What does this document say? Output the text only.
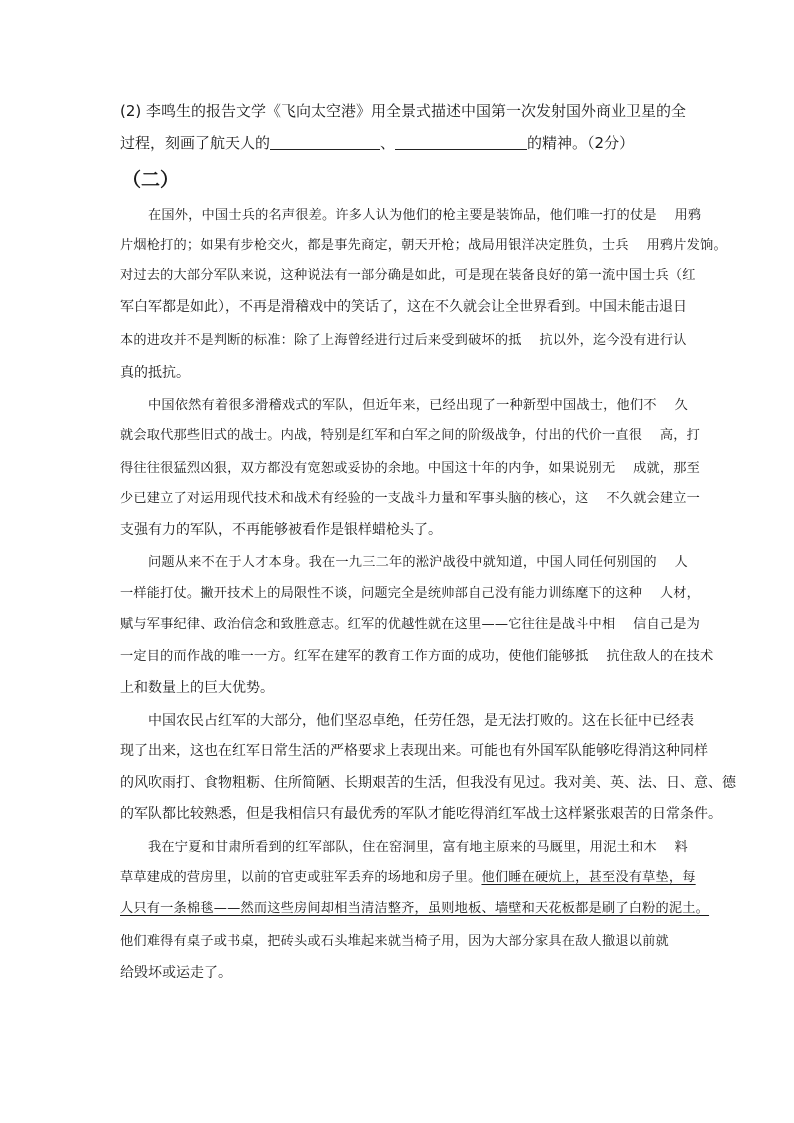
(2) 李鸣生的报告文学《飞向太空港》用全景式描述中国第一次发射国外商业卫星的全
过程，刻画了航天人的	、	的精神。（2分）
（二）
在国外，中国士兵的名声很差。许多人认为他们的枪主要是装饰品，他们唯一打的仗是　 用鸦
片烟枪打的；如果有步枪交火，都是事先商定，朝天开枪；战局用银洋决定胜负，士兵　 用鸦片发饷。
对过去的大部分军队来说，这种说法有一部分确是如此，可是现在装备良好的第一流中国士兵（红
军白军都是如此），不再是滑稽戏中的笑话了，这在不久就会让全世界看到。中国未能击退日
本的进攻并不是判断的标准：除了上海曾经进行过后来受到破坏的抵　 抗以外，迄今没有进行认
真的抵抗。
中国依然有着很多滑稽戏式的军队，但近年来，已经出现了一种新型中国战士，他们不　 久
就会取代那些旧式的战士。内战，特别是红军和白军之间的阶级战争，付出的代价一直很　 高，打
得往往很猛烈凶狠，双方都没有宽恕或妥协的余地。中国这十年的内争，如果说别无　 成就，那至
少已建立了对运用现代技术和战术有经验的一支战斗力量和军事头脑的核心，这　 不久就会建立一
支强有力的军队，不再能够被看作是银样蜡枪头了。
问题从来不在于人才本身。我在一九三二年的淞沪战役中就知道，中国人同任何别国的　 人
一样能打仗。撇开技术上的局限性不谈，问题完全是统帅部自己没有能力训练麾下的这种　 人材，
赋与军事纪律、政治信念和致胜意志。红军的优越性就在这里——它往往是战斗中相　 信自己是为
一定目的而作战的唯一一方。红军在建军的教育工作方面的成功，使他们能够抵　 抗住敌人的在技术
上和数量上的巨大优势。
中国农民占红军的大部分，他们坚忍卓绝，任劳任怨，是无法打败的。这在长征中已经表
现了出来，这也在红军日常生活的严格要求上表现出来。可能也有外国军队能够吃得消这种同样
的风吹雨打、食物粗粝、住所简陋、长期艰苦的生活，但我没有见过。我对美、英、法、日、意、德
的军队都比较熟悉，但是我相信只有最优秀的军队才能吃得消红军战士这样紧张艰苦的日常条件。
我在宁夏和甘肃所看到的红军部队，住在窑洞里，富有地主原来的马厩里，用泥土和木　 料
草草建成的营房里，以前的官吏或驻军丢弃的场地和房子里。他们睡在硬炕上，甚至没有草垫，每
人只有一条棉毯——然而这些房间却相当清洁整齐，虽则地板、墙壁和天花板都是刷了白粉的泥土。
他们难得有桌子或书桌，把砖头或石头堆起来就当椅子用，因为大部分家具在敌人撤退以前就
给毁坏或运走了。
